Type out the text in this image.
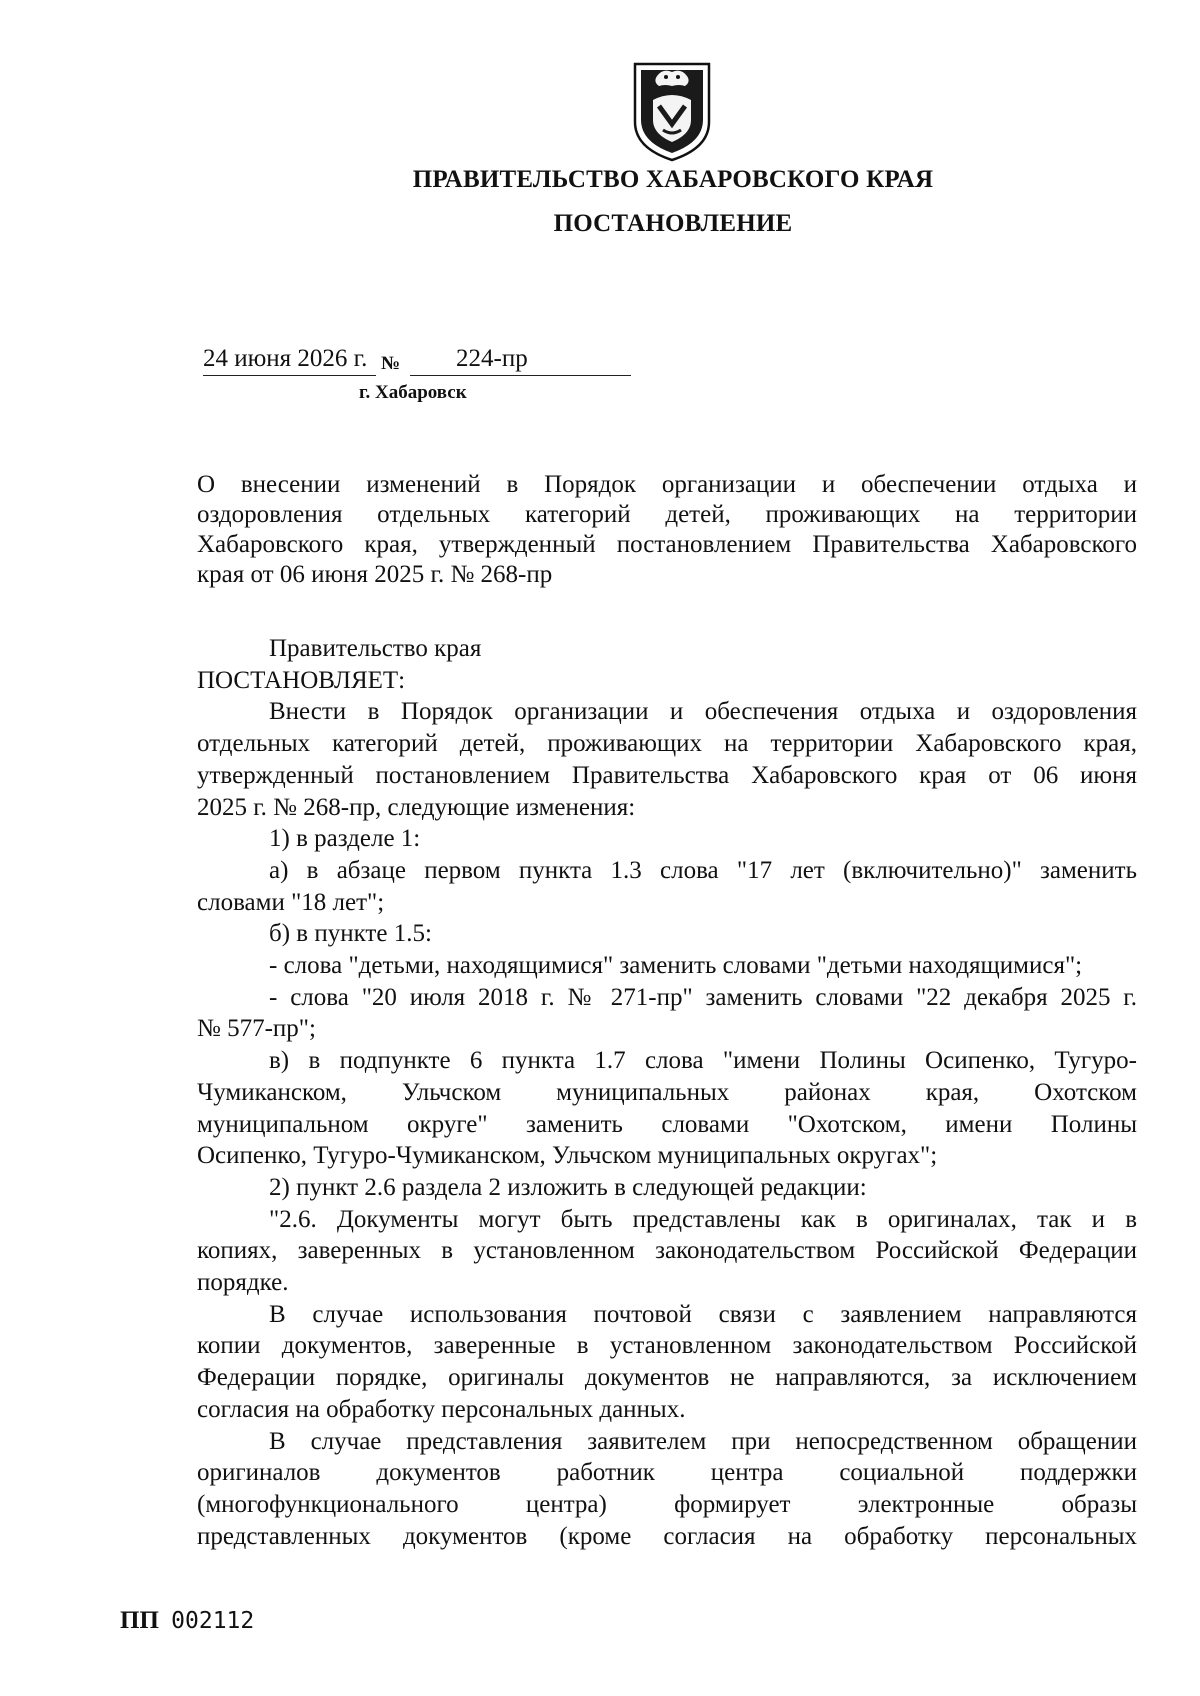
ПРАВИТЕЛЬСТВО ХАБАРОВСКОГО КРАЯ
ПОСТАНОВЛЕНИЕ
24 июня 2026 г. № 224-пр
г. Хабаровск
О внесении изменений в Порядок организации и обеспечении отдыха и
оздоровления отдельных категорий детей, проживающих на территории
Хабаровского края, утвержденный постановлением Правительства Хабаровского
края от 06 июня 2025 г. № 268-пр
Правительство края
ПОСТАНОВЛЯЕТ:
Внести в Порядок организации и обеспечения отдыха и оздоровления
отдельных категорий детей, проживающих на территории Хабаровского края,
утвержденный постановлением Правительства Хабаровского края от 06 июня
2025 г. № 268-пр, следующие изменения:
1) в разделе 1:
а) в абзаце первом пункта 1.3 слова "17 лет (включительно)" заменить
словами "18 лет";
б) в пункте 1.5:
- слова "детьми, находящимися" заменить словами "детьми находящимися";
- слова "20 июля 2018 г. № 271-пр" заменить словами "22 декабря 2025 г.
№ 577-пр";
в) в подпункте 6 пункта 1.7 слова "имени Полины Осипенко, Тугуро-
Чумиканском, Ульчском муниципальных районах края, Охотском
муниципальном округе" заменить словами "Охотском, имени Полины
Осипенко, Тугуро-Чумиканском, Ульчском муниципальных округах";
2) пункт 2.6 раздела 2 изложить в следующей редакции:
"2.6. Документы могут быть представлены как в оригиналах, так и в
копиях, заверенных в установленном законодательством Российской Федерации
порядке.
В случае использования почтовой связи с заявлением направляются
копии документов, заверенные в установленном законодательством Российской
Федерации порядке, оригиналы документов не направляются, за исключением
согласия на обработку персональных данных.
В случае представления заявителем при непосредственном обращении
оригиналов документов работник центра социальной поддержки
(многофункционального центра) формирует электронные образы
представленных документов (кроме согласия на обработку персональных
ПП 002112
